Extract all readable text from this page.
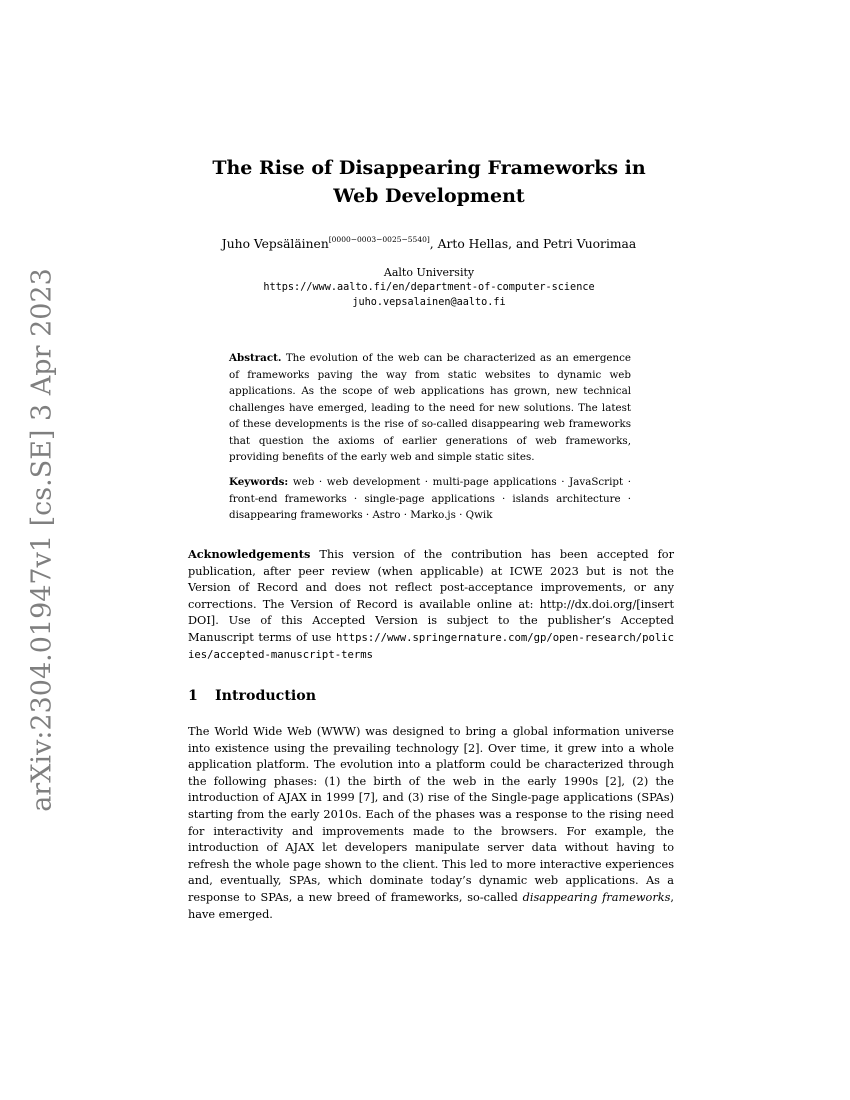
arXiv:2304.01947v1 [cs.SE] 3 Apr 2023
The Rise of Disappearing Frameworks in Web Development
Juho Vepsäläinen[0000−0003−0025−5540], Arto Hellas, and Petri Vuorimaa
Aalto University
https://www.aalto.fi/en/department-of-computer-science
juho.vepsalainen@aalto.fi
Abstract. The evolution of the web can be characterized as an emergence of frameworks paving the way from static websites to dynamic web applications. As the scope of web applications has grown, new technical challenges have emerged, leading to the need for new solutions. The latest of these developments is the rise of so-called disappearing web frameworks that question the axioms of earlier generations of web frameworks, providing benefits of the early web and simple static sites.
Keywords: web · web development · multi-page applications · JavaScript · front-end frameworks · single-page applications · islands architecture · disappearing frameworks · Astro · Marko.js · Qwik
Acknowledgements This version of the contribution has been accepted for publication, after peer review (when applicable) at ICWE 2023 but is not the Version of Record and does not reflect post-acceptance improvements, or any corrections. The Version of Record is available online at: http://dx.doi.org/[insert DOI]. Use of this Accepted Version is subject to the publisher’s Accepted Manuscript terms of use https://www.springernature.com/gp/open-research/policies/accepted-manuscript-terms
1 Introduction
The World Wide Web (WWW) was designed to bring a global information universe into existence using the prevailing technology [2]. Over time, it grew into a whole application platform. The evolution into a platform could be characterized through the following phases: (1) the birth of the web in the early 1990s [2], (2) the introduction of AJAX in 1999 [7], and (3) rise of the Single-page applications (SPAs) starting from the early 2010s. Each of the phases was a response to the rising need for interactivity and improvements made to the browsers. For example, the introduction of AJAX let developers manipulate server data without having to refresh the whole page shown to the client. This led to more interactive experiences and, eventually, SPAs, which dominate today’s dynamic web applications. As a response to SPAs, a new breed of frameworks, so-called disappearing frameworks, have emerged.
